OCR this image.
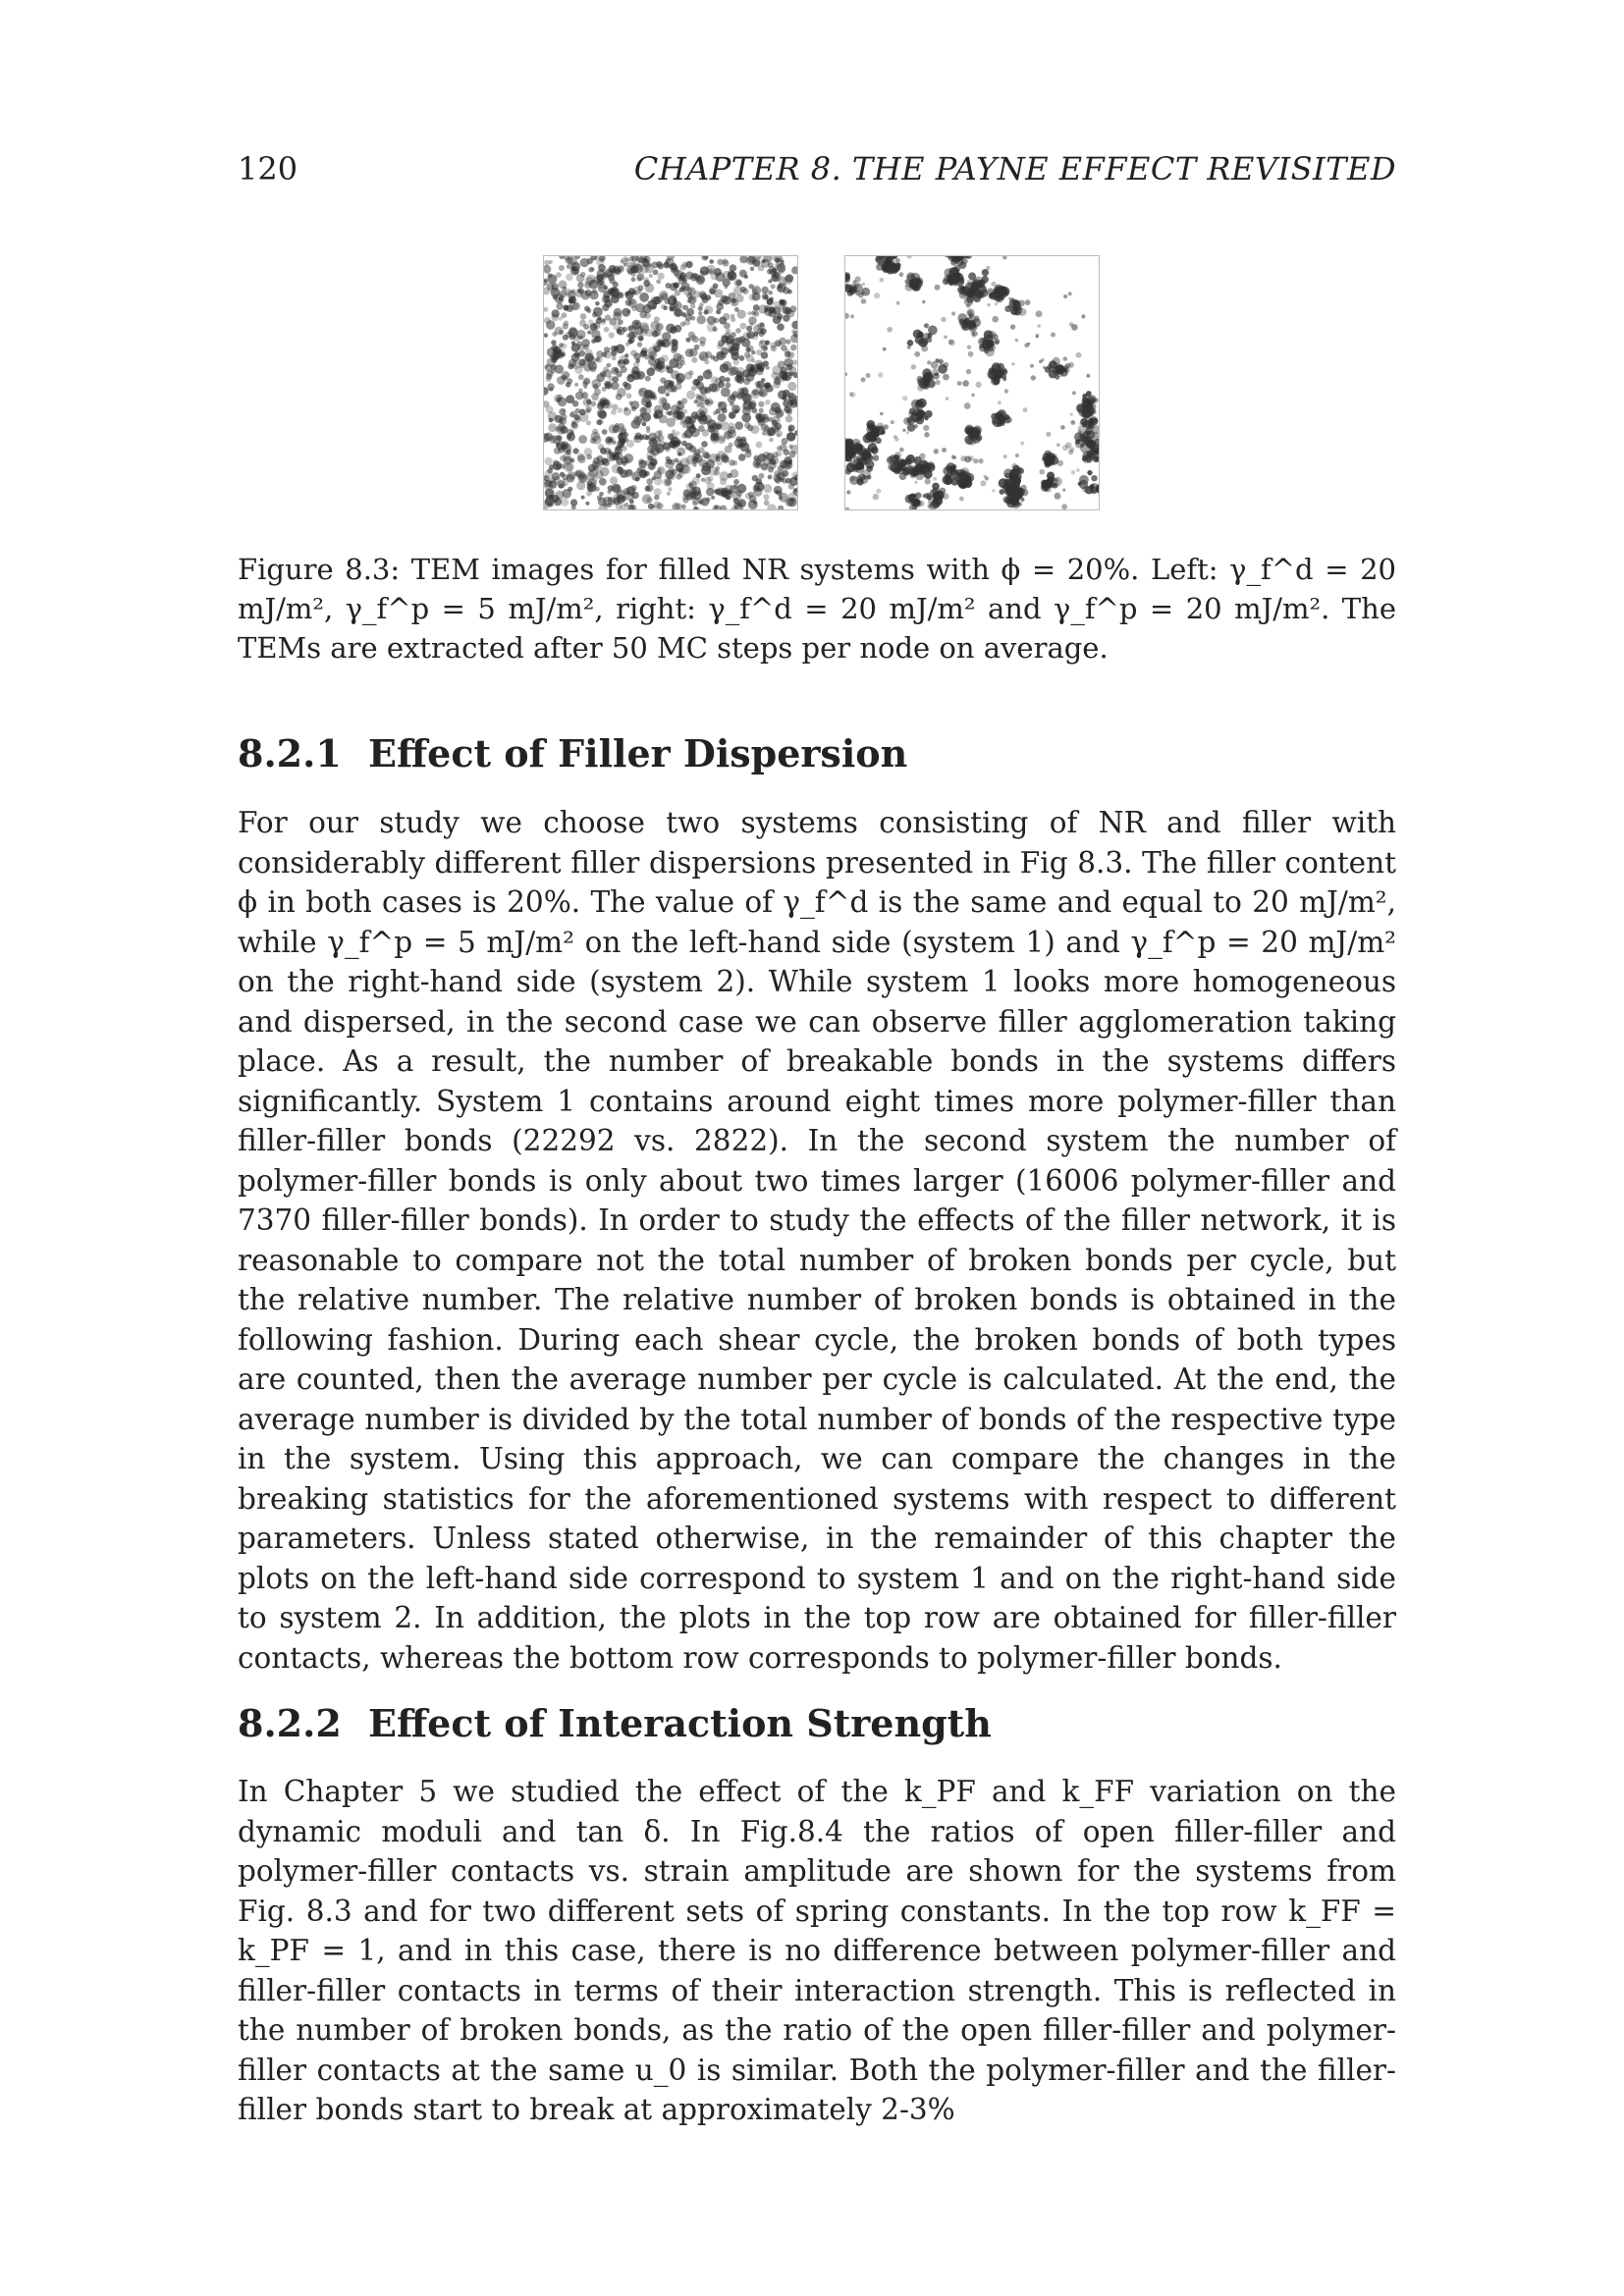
120	CHAPTER 8. THE PAYNE EFFECT REVISITED
Figure 8.3: TEM images for filled NR systems with ϕ = 20%. Left: γ_f^d = 20 mJ/m², γ_f^p = 5 mJ/m², right: γ_f^d = 20 mJ/m² and γ_f^p = 20 mJ/m². The TEMs are extracted after 50 MC steps per node on average.
8.2.1 Effect of Filler Dispersion

For our study we choose two systems consisting of NR and filler with considerably different filler dispersions presented in Fig 8.3. The filler content ϕ in both cases is 20%. The value of γ_f^d is the same and equal to 20 mJ/m², while γ_f^p = 5 mJ/m² on the left-hand side (system 1) and γ_f^p = 20 mJ/m² on the right-hand side (system 2). While system 1 looks more homogeneous and dispersed, in the second case we can observe filler agglomeration taking place. As a result, the number of breakable bonds in the systems differs significantly. System 1 contains around eight times more polymer-filler than filler-filler bonds (22292 vs. 2822). In the second system the number of polymer-filler bonds is only about two times larger (16006 polymer-filler and 7370 filler-filler bonds). In order to study the effects of the filler network, it is reasonable to compare not the total number of broken bonds per cycle, but the relative number. The relative number of broken bonds is obtained in the following fashion. During each shear cycle, the broken bonds of both types are counted, then the average number per cycle is calculated. At the end, the average number is divided by the total number of bonds of the respective type in the system. Using this approach, we can compare the changes in the breaking statistics for the aforementioned systems with respect to different parameters. Unless stated otherwise, in the remainder of this chapter the plots on the left-hand side correspond to system 1 and on the right-hand side to system 2. In addition, the plots in the top row are obtained for filler-filler contacts, whereas the bottom row corresponds to polymer-filler bonds.

8.2.2 Effect of Interaction Strength

In Chapter 5 we studied the effect of the k_PF and k_FF variation on the dynamic moduli and tan δ. In Fig.8.4 the ratios of open filler-filler and polymer-filler contacts vs. strain amplitude are shown for the systems from Fig. 8.3 and for two different sets of spring constants. In the top row k_FF = k_PF = 1, and in this case, there is no difference between polymer-filler and filler-filler contacts in terms of their interaction strength. This is reflected in the number of broken bonds, as the ratio of the open filler-filler and polymer-filler contacts at the same u_0 is similar. Both the polymer-filler and the filler-filler bonds start to break at approximately 2-3%
